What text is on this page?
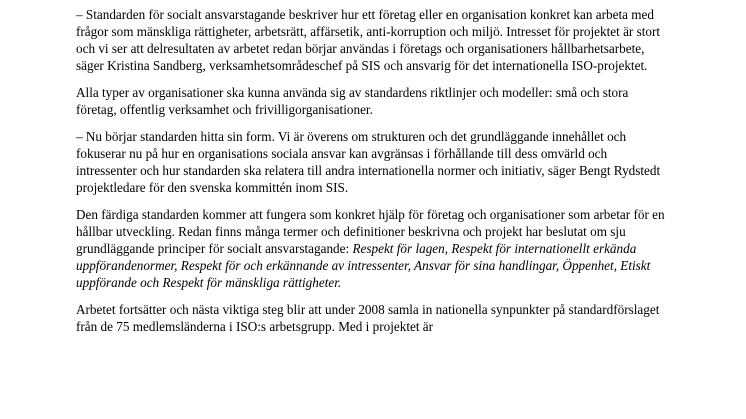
– Standarden för socialt ansvarstagande beskriver hur ett företag eller en organisation konkret kan arbeta med frågor som mänskliga rättigheter, arbetsrätt, affärsetik, anti-korruption och miljö. Intresset för projektet är stort och vi ser att delresultaten av arbetet redan börjar användas i företags och organisationers hållbarhetsarbete, säger Kristina Sandberg, verksamhetsområdeschef på SIS och ansvarig för det internationella ISO-projektet.

Alla typer av organisationer ska kunna använda sig av standardens riktlinjer och modeller: små och stora företag, offentlig verksamhet och frivilligorganisationer.

– Nu börjar standarden hitta sin form. Vi är överens om strukturen och det grundläggande innehållet och fokuserar nu på hur en organisations sociala ansvar kan avgränsas i förhållande till dess omvärld och intressenter och hur standarden ska relatera till andra internationella normer och initiativ, säger Bengt Rydstedt projektledare för den svenska kommittén inom SIS.

Den färdiga standarden kommer att fungera som konkret hjälp för företag och organisationer som arbetar för en hållbar utveckling. Redan finns många termer och definitioner beskrivna och projekt har beslutat om sju grundläggande principer för socialt ansvarstagande: Respekt för lagen, Respekt för internationellt erkända uppförandenormer, Respekt för och erkännande av intressenter, Ansvar för sina handlingar, Öppenhet, Etiskt uppförande och Respekt för mänskliga rättigheter.

Arbetet fortsätter och nästa viktiga steg blir att under 2008 samla in nationella synpunkter på standardförslaget från de 75 medlemsländerna i ISO:s arbetsgrupp. Med i projektet är
